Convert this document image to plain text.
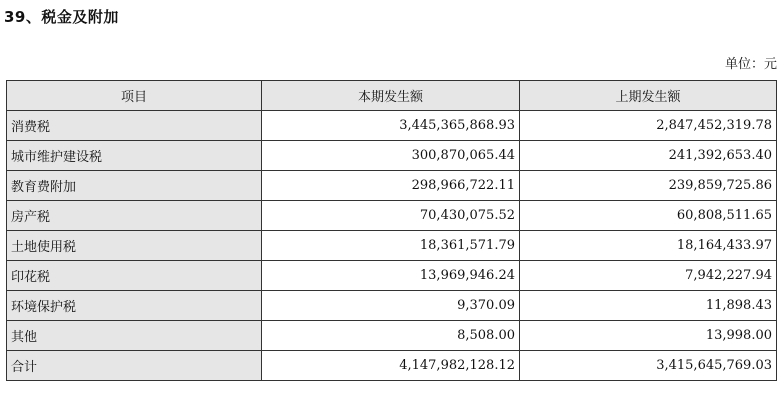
39、税金及附加
单位：元
项目	本期发生额	上期发生额
消费税	3,445,365,868.93	2,847,452,319.78
城市维护建设税	300,870,065.44	241,392,653.40
教育费附加	298,966,722.11	239,859,725.86
房产税	70,430,075.52	60,808,511.65
土地使用税	18,361,571.79	18,164,433.97
印花税	13,969,946.24	7,942,227.94
环境保护税	9,370.09	11,898.43
其他	8,508.00	13,998.00
合计	4,147,982,128.12	3,415,645,769.03
